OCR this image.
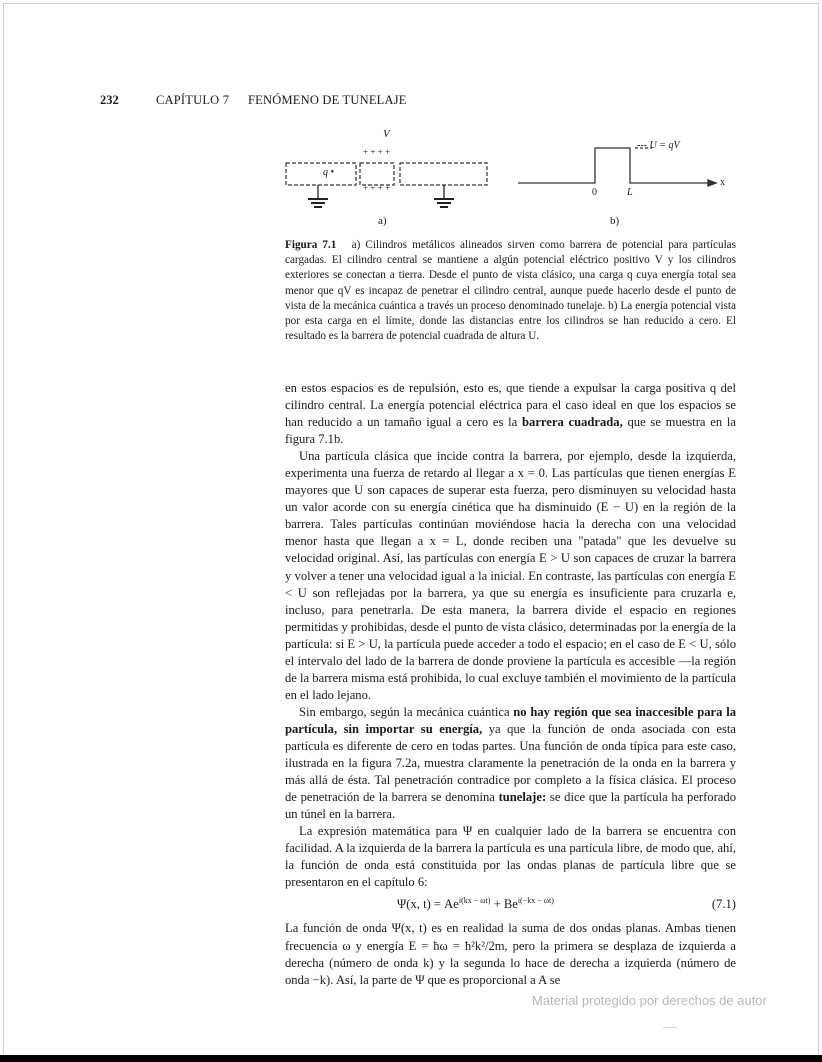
232	CAPÍTULO 7 FENÓMENO DE TUNELAJE
V
+ + + +
+ + + +
q •
a)
--- U = qV
0	L
x
b)
Figura 7.1 a) Cilindros metálicos alineados sirven como barrera de potencial para partículas cargadas. El cilindro central se mantiene a algún potencial eléctrico positivo V y los cilindros exteriores se conectan a tierra. Desde el punto de vista clásico, una carga q cuya energía total sea menor que qV es incapaz de penetrar el cilindro central, aunque puede hacerlo desde el punto de vista de la mecánica cuántica a través un proceso denominado tunelaje. b) La energía potencial vista por esta carga en el límite, donde las distancias entre los cilindros se han reducido a cero. El resultado es la barrera de potencial cuadrada de altura U.

en estos espacios es de repulsión, esto es, que tiende a expulsar la carga positiva q del cilindro central. La energía potencial eléctrica para el caso ideal en que los espacios se han reducido a un tamaño igual a cero es la barrera cuadrada, que se muestra en la figura 7.1b.

Una partícula clásica que incide contra la barrera, por ejemplo, desde la izquierda, experimenta una fuerza de retardo al llegar a x = 0. Las partículas que tienen energías E mayores que U son capaces de superar esta fuerza, pero disminuyen su velocidad hasta un valor acorde con su energía cinética que ha disminuido (E − U) en la región de la barrera. Tales partículas continúan moviéndose hacia la derecha con una velocidad menor hasta que llegan a x = L, donde reciben una "patada" que les devuelve su velocidad original. Así, las partículas con energía E > U son capaces de cruzar la barrera y volver a tener una velocidad igual a la inicial. En contraste, las partículas con energía E < U son reflejadas por la barrera, ya que su energía es insuficiente para cruzarla e, incluso, para penetrarla. De esta manera, la barrera divide el espacio en regiones permitidas y prohibidas, desde el punto de vista clásico, determinadas por la energía de la partícula: si E > U, la partícula puede acceder a todo el espacio; en el caso de E < U, sólo el intervalo del lado de la barrera de donde proviene la partícula es accesible —la región de la barrera misma está prohibida, lo cual excluye también el movimiento de la partícula en el lado lejano.

Sin embargo, según la mecánica cuántica no hay región que sea inaccesible para la partícula, sin importar su energía, ya que la función de onda asociada con esta partícula es diferente de cero en todas partes. Una función de onda típica para este caso, ilustrada en la figura 7.2a, muestra claramente la penetración de la onda en la barrera y más allá de ésta. Tal penetración contradice por completo a la física clásica. El proceso de penetración de la barrera se denomina tunelaje: se dice que la partícula ha perforado un túnel en la barrera.

La expresión matemática para Ψ en cualquier lado de la barrera se encuentra con facilidad. A la izquierda de la barrera la partícula es una partícula libre, de modo que, ahí, la función de onda está constituida por las ondas planas de partícula libre que se presentaron en el capítulo 6:

Ψ(x, $t) = Ae^{i(kx - \omega t)} + Be^{i(-kx - \omega t)}$	(7.1)

La función de onda Ψ(x, t) es en realidad la suma de dos ondas planas. Ambas tienen frecuencia ω y energía E = ħω = ħ²k²/2m, pero la primera se desplaza de izquierda a derecha (número de onda k) y la segunda lo hace de derecha a izquierda (número de onda −k). Así, la parte de Ψ que es proporcional a A se

Material protegido por derechos de autor
